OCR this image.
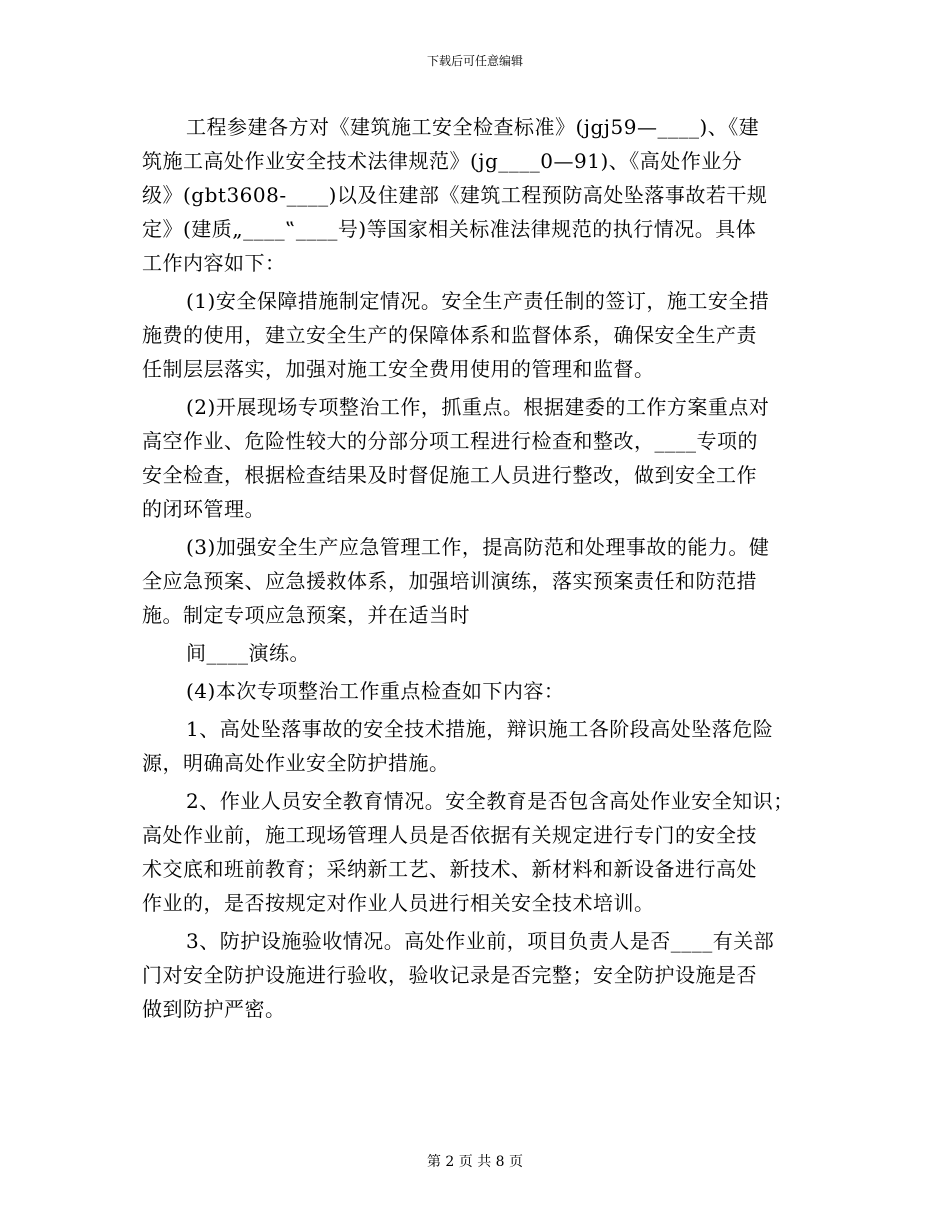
下载后可任意编辑

工程参建各方对《建筑施工安全检查标准》(jgj59—____)、《建
筑施工高处作业安全技术法律规范》(jg____0—91)、《高处作业分
级》(gbt3608-____)以及住建部《建筑工程预防高处坠落事故若干规
定》(建质„____‟____号)等国家相关标准法律规范的执行情况。具体
工作内容如下：

(1)安全保障措施制定情况。安全生产责任制的签订，施工安全措
施费的使用，建立安全生产的保障体系和监督体系，确保安全生产责
任制层层落实，加强对施工安全费用使用的管理和监督。

(2)开展现场专项整治工作，抓重点。根据建委的工作方案重点对
高空作业、危险性较大的分部分项工程进行检查和整改，____专项的
安全检查，根据检查结果及时督促施工人员进行整改，做到安全工作
的闭环管理。

(3)加强安全生产应急管理工作，提高防范和处理事故的能力。健
全应急预案、应急援救体系，加强培训演练，落实预案责任和防范措
施。制定专项应急预案，并在适当时

间____演练。

(4)本次专项整治工作重点检查如下内容：

1、高处坠落事故的安全技术措施，辩识施工各阶段高处坠落危险
源，明确高处作业安全防护措施。

2、作业人员安全教育情况。安全教育是否包含高处作业安全知识；
高处作业前，施工现场管理人员是否依据有关规定进行专门的安全技
术交底和班前教育；采纳新工艺、新技术、新材料和新设备进行高处
作业的，是否按规定对作业人员进行相关安全技术培训。

3、防护设施验收情况。高处作业前，项目负责人是否____有关部
门对安全防护设施进行验收，验收记录是否完整；安全防护设施是否
做到防护严密。

第 2 页 共 8 页
